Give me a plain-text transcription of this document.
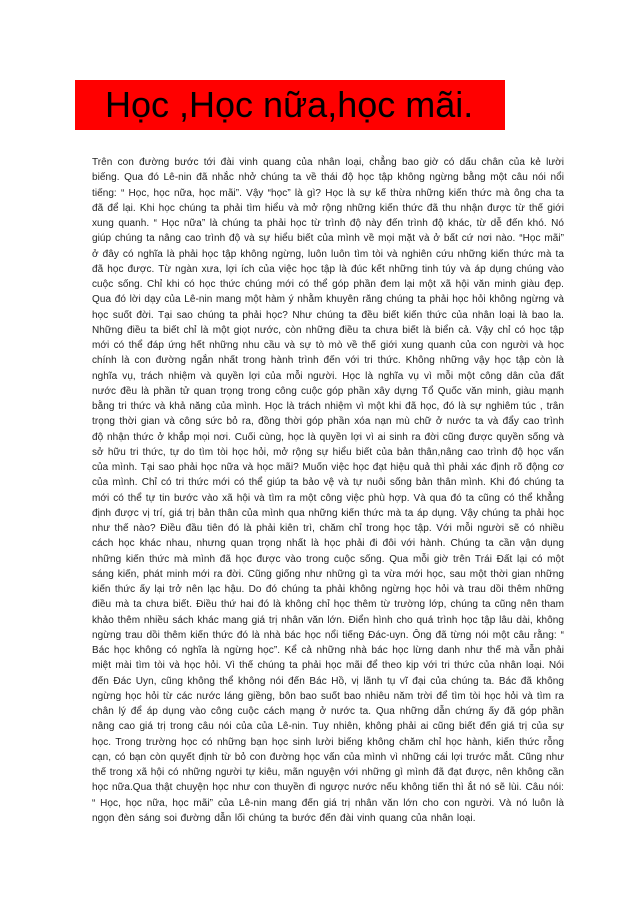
Học ,Học nữa,học mãi.
Trên con đường bước tới đài vinh quang của nhân loại, chẳng bao giờ có dấu chân của kẻ lười biếng. Qua đó Lê-nin đã nhắc nhở chúng ta về thái độ học tập không ngừng bằng một câu nói nổi tiếng: “ Học, học nữa, học mãi”. Vậy “học” là gì? Học là sự kế thừa những kiến thức mà ông cha ta đã để lại. Khi học chúng ta phải tìm hiểu và mở rộng những kiến thức đã thu nhận được từ thế giới xung quanh. “ Học nữa” là chúng ta phải học từ trình độ này đến trình độ khác, từ dễ đến khó. Nó giúp chúng ta nâng cao trình độ và sự hiểu biết của mình về mọi mặt và ở bất cứ nơi nào. “Học mãi” ở đây có nghĩa là phải học tập không ngừng, luôn luôn tìm tòi và nghiên cứu những kiến thức mà ta đã học được. Từ ngàn xưa, lợi ích của việc học tập là đúc kết những tinh túy và áp dụng chúng vào cuộc sống. Chỉ khi có học thức chúng mới có thể góp phần đem lại một xã hội văn minh giàu đẹp. Qua đó lời dạy của Lê-nin mang một hàm ý nhằm khuyên răng chúng ta phải học hỏi không ngừng và học suốt đời. Tại sao chúng ta phải học? Như chúng ta đều biết kiến thức của nhân loại là bao la. Những điều ta biết chỉ là một giọt nước, còn những điều ta chưa biết là biển cả. Vậy chỉ có học tập mới có thể đáp ứng hết những nhu cầu và sự tò mò về thế giới xung quanh của con người và học chính là con đường ngắn nhất trong hành trình đến với tri thức. Không những vậy học tập còn là nghĩa vụ, trách nhiệm và quyền lợi của mỗi người. Học là nghĩa vụ vì mỗi một công dân của đất nước đều là phần tử quan trọng trong công cuộc góp phần xây dựng Tổ Quốc văn minh, giàu mạnh bằng tri thức và khả năng của mình. Học là trách nhiệm vì một khi đã học, đó là sự nghiêm túc , trân trọng thời gian và công sức bỏ ra, đồng thời góp phần xóa nạn mù chữ ở nước ta và đẩy cao trình độ nhận thức ở khắp mọi nơi. Cuối cùng, học là quyền lợi vì ai sinh ra đời cũng được quyền sống và sở hữu tri thức, tự do tìm tòi học hỏi, mở rộng sự hiểu biết của bản thân,nâng cao trình độ học vấn của mình. Tại sao phải học nữa và học mãi? Muốn việc học đạt hiệu quả thì phải xác định rõ động cơ của mình. Chỉ có tri thức mới có thể giúp ta bảo vệ và tự nuôi sống bản thân mình. Khi đó chúng ta mới có thể tự tin bước vào xã hội và tìm ra một công việc phù hợp. Và qua đó ta cũng có thể khẳng định được vị trí, giá trị bản thân của mình qua những kiến thức mà ta áp dụng. Vậy chúng ta phải học như thế nào? Điều đầu tiên đó là phải kiên trì, chăm chỉ trong học tập. Với mỗi người sẽ có nhiều cách học khác nhau, nhưng quan trọng nhất là học phải đi đôi với hành. Chúng ta cần vận dụng những kiến thức mà mình đã học được vào trong cuộc sống. Qua mỗi giờ trên Trái Đất lại có một sáng kiến, phát minh mới ra đời. Cũng giống như những gì ta vừa mới học, sau một thời gian những kiến thức ấy lại trở nên lạc hậu. Do đó chúng ta phải không ngừng học hỏi và trau dồi thêm những điều mà ta chưa biết. Điều thứ hai đó là không chỉ học thêm từ trường lớp, chúng ta cũng nên tham khảo thêm nhiều sách khác mang giá trị nhân văn lớn. Điển hình cho quá trình học tập lâu dài, không ngừng trau dồi thêm kiến thức đó là nhà bác học nổi tiếng Đác-uyn. Ông đã từng nói một câu rằng: “ Bác học không có nghĩa là ngừng học”. Kể cả những nhà bác học lừng danh như thế mà vẫn phải miệt mài tìm tòi và học hỏi. Vì thế chúng ta phải học mãi để theo kịp với tri thức của nhân loại. Nói đến Đác Uyn, cũng không thể không nói đến Bác Hồ, vị lãnh tụ vĩ đại của chúng ta. Bác đã không ngừng học hỏi từ các nước láng giềng, bôn bao suốt bao nhiêu năm trời để tìm tòi học hỏi và tìm ra chân lý để áp dụng vào công cuộc cách mạng ở nước ta. Qua những dẫn chứng ấy đã góp phần nâng cao giá trị trong câu nói của của Lê-nin. Tuy nhiên, không phải ai cũng biết đến giá trị của sự học. Trong trường học có những bạn học sinh lười biếng không chăm chỉ học hành, kiến thức rỗng cạn, có bạn còn quyết định từ bỏ con đường học vấn của mình vì những cái lợi trước mắt. Cũng như thế trong xã hội có những người tự kiêu, mãn nguyện với những gì mình đã đạt được, nên không cần học nữa.Qua thật chuyện học như con thuyền đi ngược nước nếu không tiến thì ắt nó sẽ lùi. Câu nói: “ Học, học nữa, học mãi” của Lê-nin mang đến giá trị nhân văn lớn cho con người. Và nó luôn là ngọn đèn sáng soi đường dẫn lối chúng ta bước đến đài vinh quang của nhân loại.
